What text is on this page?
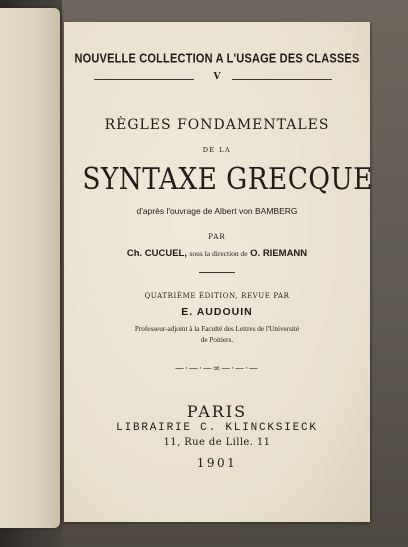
NOUVELLE COLLECTION A L'USAGE DES CLASSES
V
RÈGLES FONDAMENTALES
DE LA
SYNTAXE GRECQUE
d'après l'ouvrage de Albert von BAMBERG
PAR
Ch. CUCUEL, sous la direction de O. RIEMANN
QUATRIÈME ÉDITION, REVUE PAR
E. AUDOUIN
Professeur-adjoint à la Faculté des Lettres de l'Université
de Poitiers.
—·—·—∞—·—·—
PARIS
LIBRAIRIE C. KLINCKSIECK
11, Rue de Lille. 11
1901
